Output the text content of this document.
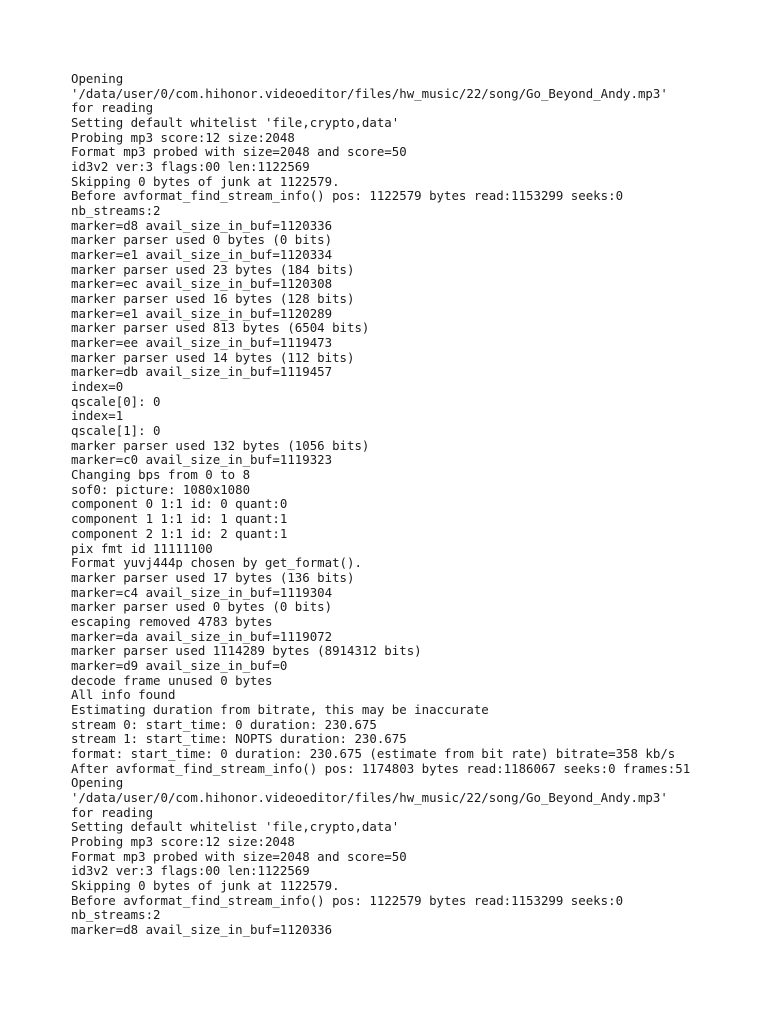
Opening
'/data/user/0/com.hihonor.videoeditor/files/hw_music/22/song/Go_Beyond_Andy.mp3'
for reading
Setting default whitelist 'file,crypto,data'
Probing mp3 score:12 size:2048
Format mp3 probed with size=2048 and score=50
id3v2 ver:3 flags:00 len:1122569
Skipping 0 bytes of junk at 1122579.
Before avformat_find_stream_info() pos: 1122579 bytes read:1153299 seeks:0
nb_streams:2
marker=d8 avail_size_in_buf=1120336
marker parser used 0 bytes (0 bits)
marker=e1 avail_size_in_buf=1120334
marker parser used 23 bytes (184 bits)
marker=ec avail_size_in_buf=1120308
marker parser used 16 bytes (128 bits)
marker=e1 avail_size_in_buf=1120289
marker parser used 813 bytes (6504 bits)
marker=ee avail_size_in_buf=1119473
marker parser used 14 bytes (112 bits)
marker=db avail_size_in_buf=1119457
index=0
qscale[0]: 0
index=1
qscale[1]: 0
marker parser used 132 bytes (1056 bits)
marker=c0 avail_size_in_buf=1119323
Changing bps from 0 to 8
sof0: picture: 1080x1080
component 0 1:1 id: 0 quant:0
component 1 1:1 id: 1 quant:1
component 2 1:1 id: 2 quant:1
pix fmt id 11111100
Format yuvj444p chosen by get_format().
marker parser used 17 bytes (136 bits)
marker=c4 avail_size_in_buf=1119304
marker parser used 0 bytes (0 bits)
escaping removed 4783 bytes
marker=da avail_size_in_buf=1119072
marker parser used 1114289 bytes (8914312 bits)
marker=d9 avail_size_in_buf=0
decode frame unused 0 bytes
All info found
Estimating duration from bitrate, this may be inaccurate
stream 0: start_time: 0 duration: 230.675
stream 1: start_time: NOPTS duration: 230.675
format: start_time: 0 duration: 230.675 (estimate from bit rate) bitrate=358 kb/s
After avformat_find_stream_info() pos: 1174803 bytes read:1186067 seeks:0 frames:51
Opening
'/data/user/0/com.hihonor.videoeditor/files/hw_music/22/song/Go_Beyond_Andy.mp3'
for reading
Setting default whitelist 'file,crypto,data'
Probing mp3 score:12 size:2048
Format mp3 probed with size=2048 and score=50
id3v2 ver:3 flags:00 len:1122569
Skipping 0 bytes of junk at 1122579.
Before avformat_find_stream_info() pos: 1122579 bytes read:1153299 seeks:0
nb_streams:2
marker=d8 avail_size_in_buf=1120336
